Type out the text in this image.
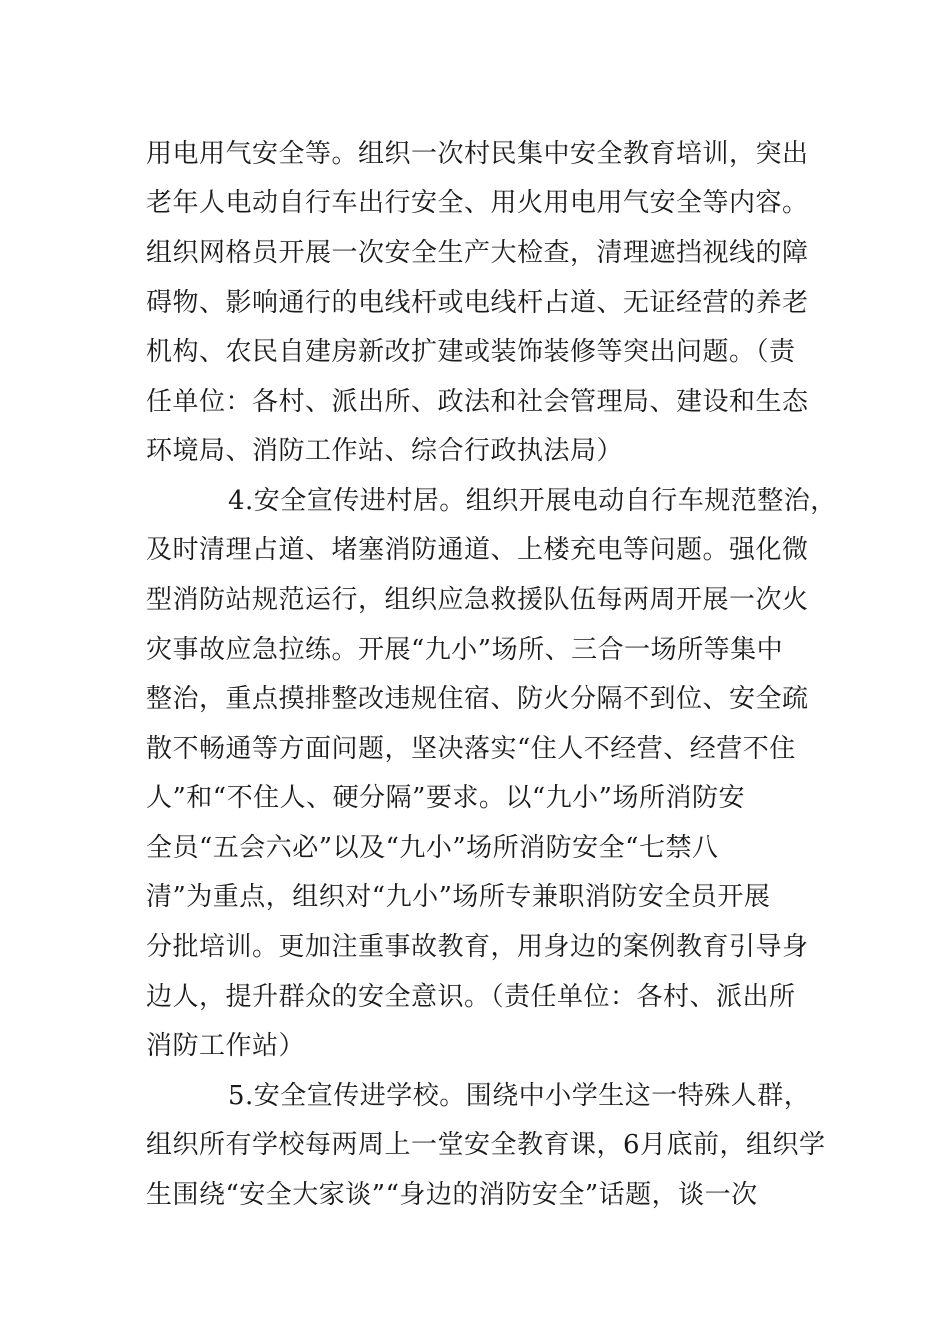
用电用气安全等。组织一次村民集中安全教育培训，突出
老年人电动自行车出行安全、用火用电用气安全等内容。
组织网格员开展一次安全生产大检查，清理遮挡视线的障
碍物、影响通行的电线杆或电线杆占道、无证经营的养老
机构、农民自建房新改扩建或装饰装修等突出问题。（责
任单位：各村、派出所、政法和社会管理局、建设和生态
环境局、消防工作站、综合行政执法局）
4.安全宣传进村居。组织开展电动自行车规范整治，
及时清理占道、堵塞消防通道、上楼充电等问题。强化微
型消防站规范运行，组织应急救援队伍每两周开展一次火
灾事故应急拉练。开展“九小”场所、三合一场所等集中
整治，重点摸排整改违规住宿、防火分隔不到位、安全疏
散不畅通等方面问题，坚决落实“住人不经营、经营不住
人”和“不住人、硬分隔”要求。以“九小”场所消防安
全员“五会六必”以及“九小”场所消防安全“七禁八
清”为重点，组织对“九小”场所专兼职消防安全员开展
分批培训。更加注重事故教育，用身边的案例教育引导身
边人，提升群众的安全意识。（责任单位：各村、派出所
消防工作站）
5.安全宣传进学校。围绕中小学生这一特殊人群，
组织所有学校每两周上一堂安全教育课，6月底前，组织学
生围绕“安全大家谈”“身边的消防安全”话题，谈一次
